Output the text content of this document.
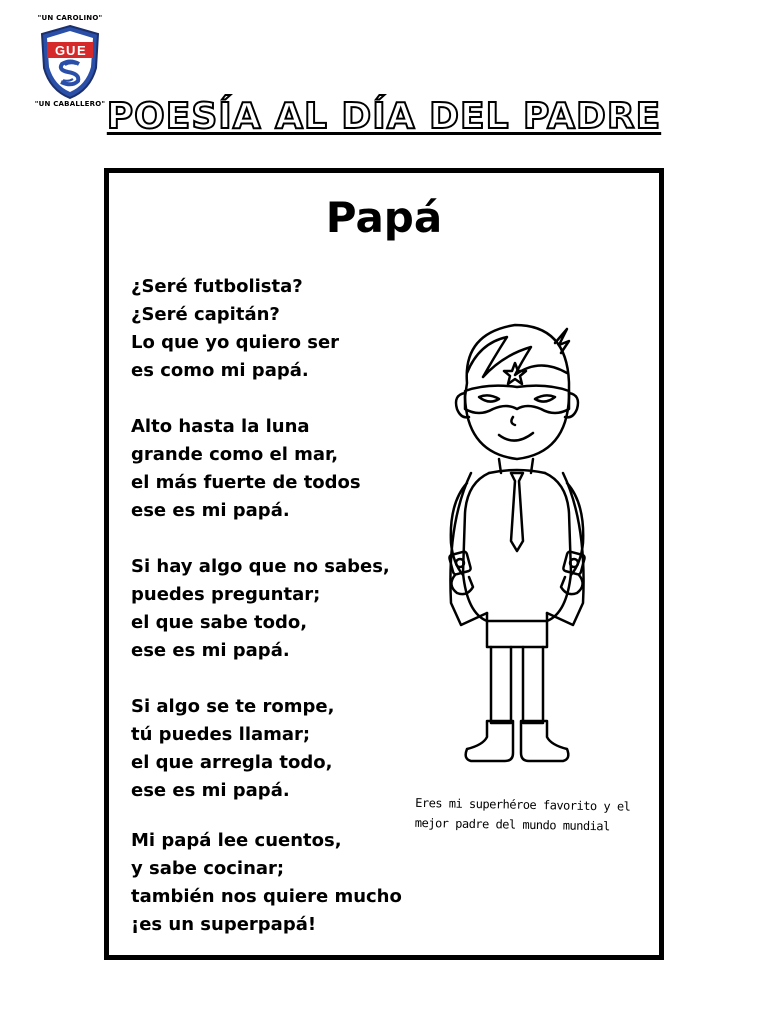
"UN CAROLINO"
G U E
"UN CABALLERO" POESÍA AL DÍA DEL PADRE
Papá
¿Seré futbolista?
¿Seré capitán?
Lo que yo quiero ser
es como mi papá.
Alto hasta la luna
grande como el mar,
el más fuerte de todos
ese es mi papá.
Si hay algo que no sabes,
puedes preguntar;
el que sabe todo,
ese es mi papá.
Si algo se te rompe,
tú puedes llamar;
el que arregla todo,
ese es mi papá.
Mi papá lee cuentos,
y sabe cocinar;
también nos quiere mucho
¡es un superpapá!
Eres mi superhéroe favorito y el
mejor padre del mundo mundial
